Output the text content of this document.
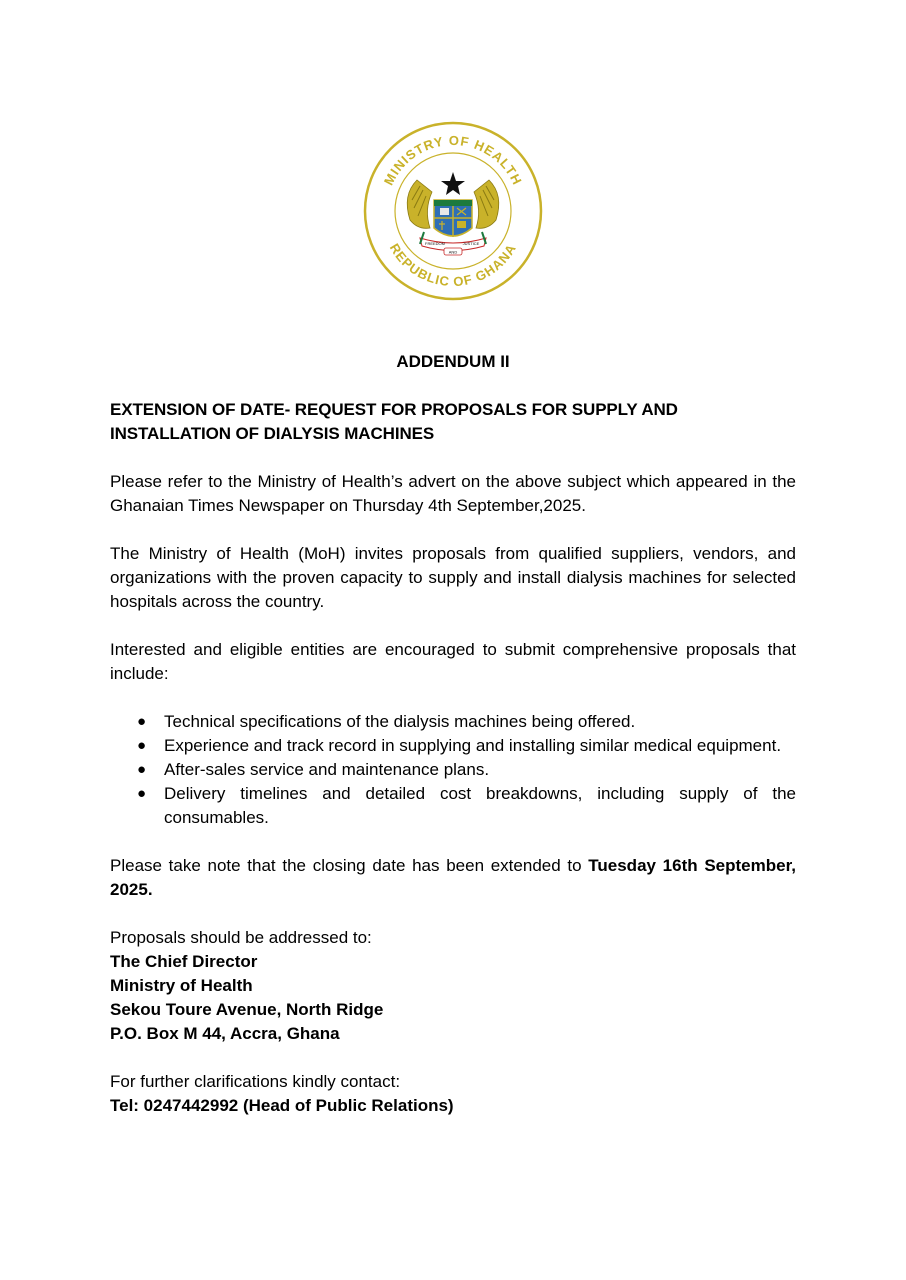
MINISTRY OF HEALTH
REPUBLIC OF GHANA
FREEDOM	JUSTICE
AND

ADDENDUM II

EXTENSION OF DATE- REQUEST FOR PROPOSALS FOR SUPPLY AND INSTALLATION OF DIALYSIS MACHINES

Please refer to the Ministry of Health’s advert on the above subject which appeared in the Ghanaian Times Newspaper on Thursday 4th September,2025.

The Ministry of Health (MoH) invites proposals from qualified suppliers, vendors, and organizations with the proven capacity to supply and install dialysis machines for selected hospitals across the country.

Interested and eligible entities are encouraged to submit comprehensive proposals that include:

● Technical specifications of the dialysis machines being offered.
● Experience and track record in supplying and installing similar medical equipment.
● After-sales service and maintenance plans.
● Delivery timelines and detailed cost breakdowns, including supply of the consumables.

Please take note that the closing date has been extended to Tuesday 16th September, 2025.

Proposals should be addressed to:

The Chief Director

Ministry of Health

Sekou Toure Avenue, North Ridge

P.O. Box M 44, Accra, Ghana

For further clarifications kindly contact:

Tel: 0247442992 (Head of Public Relations)
